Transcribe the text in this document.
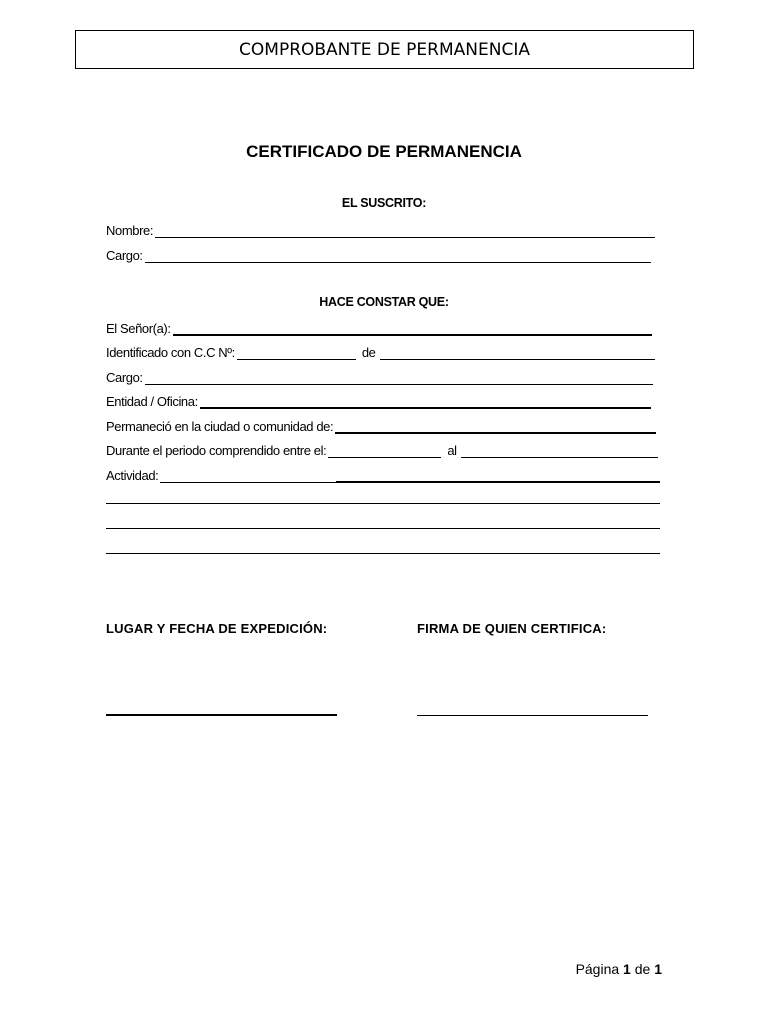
COMPROBANTE DE PERMANENCIA
CERTIFICADO DE PERMANENCIA
EL SUSCRITO:
Nombre:
Cargo:
HACE CONSTAR QUE:
El Señor(a):
Identificado con C.C Nº:	de
Cargo:
Entidad / Oficina:
Permaneció en la ciudad o comunidad de:
Durante el periodo comprendido entre el:	al
Actividad:
LUGAR Y FECHA DE EXPEDICIÓN:	FIRMA DE QUIEN CERTIFICA:
Página 1 de 1
